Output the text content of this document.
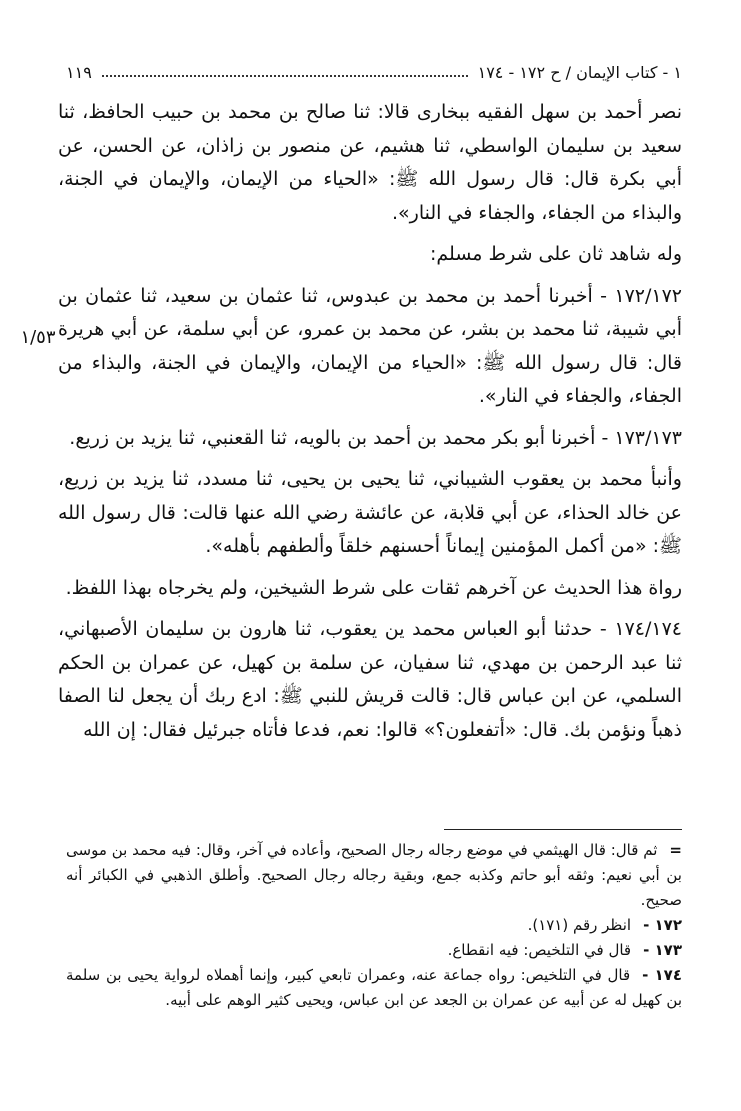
١ - كتاب الإيمان / ح ١٧٢ - ١٧٤
١١٩
١/٥٣

نصر أحمد بن سهل الفقيه ببخارى قالا: ثنا صالح بن محمد بن حبيب الحافظ، ثنا سعيد بن سليمان الواسطي، ثنا هشيم، عن منصور بن زاذان، عن الحسن، عن أبي بكرة قال: قال رسول الله ﷺ: «الحياء من الإيمان، والإيمان في الجنة، والبذاء من الجفاء، والجفاء في النار».

وله شاهد ثان على شرط مسلم:

١٧٢/١٧٢ - أخبرنا أحمد بن محمد بن عبدوس، ثنا عثمان بن سعيد، ثنا عثمان بن أبي شيبة، ثنا محمد بن بشر، عن محمد بن عمرو، عن أبي سلمة، عن أبي هريرة قال: قال رسول الله ﷺ: «الحياء من الإيمان، والإيمان في الجنة، والبذاء من الجفاء، والجفاء في النار».

١٧٣/١٧٣ - أخبرنا أبو بكر محمد بن أحمد بن بالويه، ثنا القعنبي، ثنا يزيد بن زريع.

وأنبأ محمد بن يعقوب الشيباني، ثنا يحيى بن يحيى، ثنا مسدد، ثنا يزيد بن زريع، عن خالد الحذاء، عن أبي قلابة، عن عائشة رضي الله عنها قالت: قال رسول الله ﷺ: «من أكمل المؤمنين إيماناً أحسنهم خلقاً وألطفهم بأهله».

رواة هذا الحديث عن آخرهم ثقات على شرط الشيخين، ولم يخرجاه بهذا اللفظ.

١٧٤/١٧٤ - حدثنا أبو العباس محمد ين يعقوب، ثنا هارون بن سليمان الأصبهاني، ثنا عبد الرحمن بن مهدي، ثنا سفيان، عن سلمة بن كهيل، عن عمران بن الحكم السلمي، عن ابن عباس قال: قالت قريش للنبي ﷺ: ادع ربك أن يجعل لنا الصفا ذهباً ونؤمن بك. قال: «أتفعلون؟» قالوا: نعم، فدعا فأتاه جبرئيل فقال: إن الله

=ثم قال: قال الهيثمي في موضع رجاله رجال الصحيح، وأعاده في آخر، وقال: فيه محمد بن موسى بن أبي نعيم: وثقه أبو حاتم وكذبه جمع، وبقية رجاله رجال الصحيح. وأطلق الذهبي في الكبائر أنه صحيح.

١٧٢ -انظر رقم (١٧١).

١٧٣ -قال في التلخيص: فيه انقطاع.

١٧٤ -قال في التلخيص: رواه جماعة عنه، وعمران تابعي كبير، وإنما أهملاه لرواية يحيى بن سلمة بن كهيل له عن أبيه عن عمران بن الجعد عن ابن عباس، ويحيى كثير الوهم على أبيه.
